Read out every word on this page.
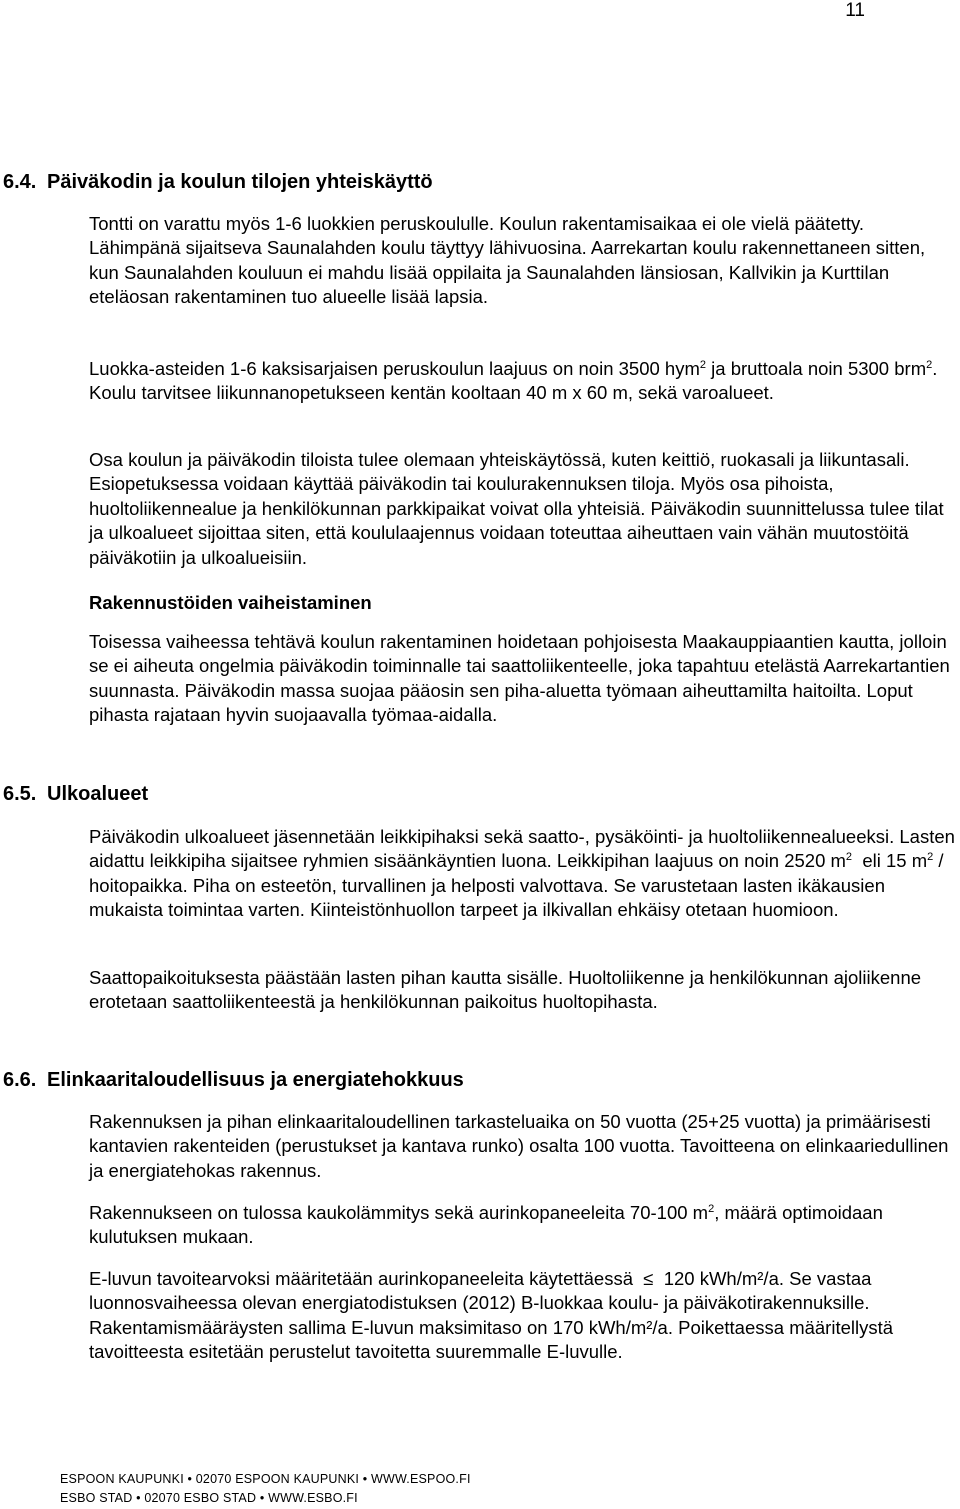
11
6.4. Päiväkodin ja koulun tilojen yhteiskäyttö

Tontti on varattu myös 1-6 luokkien peruskoululle. Koulun rakentamisaikaa ei ole vielä päätetty. Lähimpänä sijaitseva Saunalahden koulu täyttyy lähivuosina. Aarrekartan koulu rakennettaneen sitten, kun Saunalahden kouluun ei mahdu lisää oppilaita ja Saunalahden länsiosan, Kallvikin ja Kurttilan eteläosan rakentaminen tuo alueelle lisää lapsia.

Luokka-asteiden 1-6 kaksisarjaisen peruskoulun laajuus on noin 3500 hym$^2$ ja bruttoala noin 5300 brm$^2$. Koulu tarvitsee liikunnanopetukseen kentän kooltaan 40 m x 60 m, sekä varoalueet.

Osa koulun ja päiväkodin tiloista tulee olemaan yhteiskäytössä, kuten keittiö, ruokasali ja liikuntasali. Esiopetuksessa voidaan käyttää päiväkodin tai koulurakennuksen tiloja. Myös osa pihoista, huoltoliikennealue ja henkilökunnan parkkipaikat voivat olla yhteisiä. Päiväkodin suunnittelussa tulee tilat ja ulkoalueet sijoittaa siten, että koululaajennus voidaan toteuttaa aiheuttaen vain vähän muutostöitä päiväkotiin ja ulkoalueisiin.

Rakennustöiden vaiheistaminen

Toisessa vaiheessa tehtävä koulun rakentaminen hoidetaan pohjoisesta Maakauppiaantien kautta, jolloin se ei aiheuta ongelmia päiväkodin toiminnalle tai saattoliikenteelle, joka tapahtuu etelästä Aarrekartantien suunnasta. Päiväkodin massa suojaa pääosin sen piha-aluetta työmaan aiheuttamilta haitoilta. Loput pihasta rajataan hyvin suojaavalla työmaa-aidalla.

6.5. Ulkoalueet

Päiväkodin ulkoalueet jäsennetään leikkipihaksi sekä saatto-, pysäköinti- ja huoltoliikennealueeksi. Lasten aidattu leikkipiha sijaitsee ryhmien sisäänkäyntien luona. Leikkipihan laajuus on noin 2520 $m^2$  eli 15 $m^2$ / hoitopaikka. Piha on esteetön, turvallinen ja helposti valvottava. Se varustetaan lasten ikäkausien mukaista toimintaa varten. Kiinteistönhuollon tarpeet ja ilkivallan ehkäisy otetaan huomioon.

Saattopaikoituksesta päästään lasten pihan kautta sisälle. Huoltoliikenne ja henkilökunnan ajoliikenne erotetaan saattoliikenteestä ja henkilökunnan paikoitus huoltopihasta.

6.6. Elinkaaritaloudellisuus ja energiatehokkuus

Rakennuksen ja pihan elinkaaritaloudellinen tarkasteluaika on 50 vuotta (25+25 vuotta) ja primäärisesti kantavien rakenteiden (perustukset ja kantava runko) osalta 100 vuotta. Tavoitteena on elinkaariedullinen ja energiatehokas rakennus.

Rakennukseen on tulossa kaukolämmitys sekä aurinkopaneeleita 70-100 $m^2$, määrä optimoidaan kulutuksen mukaan.

E-luvun tavoitearvoksi määritetään aurinkopaneeleita käytettäessä  ≤  120 kWh/m²/a. Se vastaa luonnosvaiheessa olevan energiatodistuksen (2012) B-luokkaa koulu- ja päiväkotirakennuksille. Rakentamismääräysten sallima E-luvun maksimitaso on 170 kWh/m²/a. Poikettaessa määritellystä tavoitteesta esitetään perustelut tavoitetta suuremmalle E-luvulle.

ESPOON KAUPUNKI • 02070 ESPOON KAUPUNKI • WWW.ESPOO.FI
ESBO STAD • 02070 ESBO STAD • WWW.ESBO.FI
